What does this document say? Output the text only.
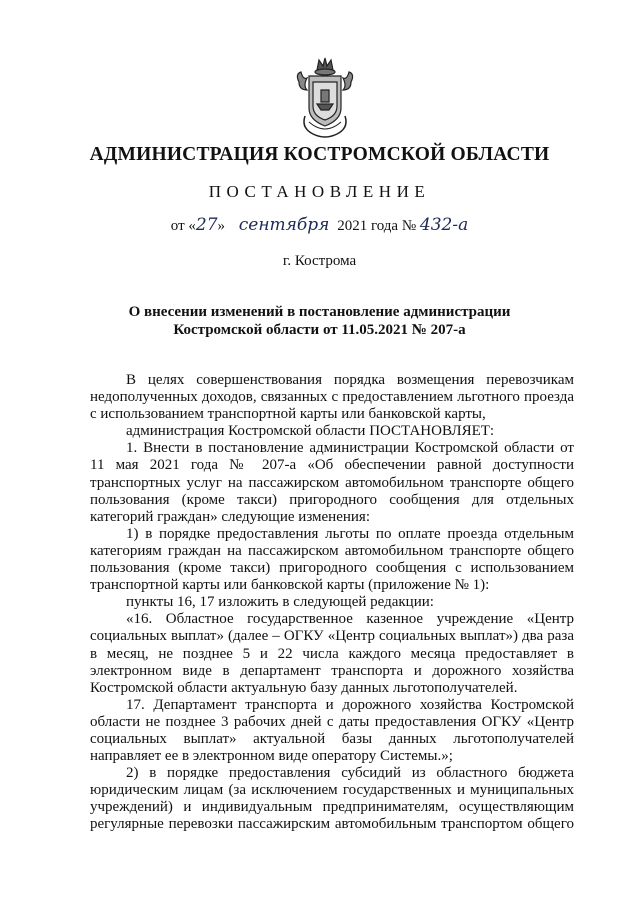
АДМИНИСТРАЦИЯ КОСТРОМСКОЙ ОБЛАСТИ
ПОСТАНОВЛЕНИЕ
от «27» сентября 2021 года № 432-а
г. Кострома
О внесении изменений в постановление администрации
Костромской области от 11.05.2021 № 207-а

В целях совершенствования порядка возмещения перевозчикам недополученных доходов, связанных с предоставлением льготного проезда с использованием транспортной карты или банковской карты,

администрация Костромской области ПОСТАНОВЛЯЕТ:

1. Внести в постановление администрации Костромской области от 11 мая 2021 года № 207-а «Об обеспечении равной доступности транспортных услуг на пассажирском автомобильном транспорте общего пользования (кроме такси) пригородного сообщения для отдельных категорий граждан» следующие изменения:

1) в порядке предоставления льготы по оплате проезда отдельным категориям граждан на пассажирском автомобильном транспорте общего пользования (кроме такси) пригородного сообщения с использованием транспортной карты или банковской карты (приложение № 1):

пункты 16, 17 изложить в следующей редакции:

«16. Областное государственное казенное учреждение «Центр социальных выплат» (далее – ОГКУ «Центр социальных выплат») два раза в месяц, не позднее 5 и 22 числа каждого месяца предоставляет в электронном виде в департамент транспорта и дорожного хозяйства Костромской области актуальную базу данных льготополучателей.

17. Департамент транспорта и дорожного хозяйства Костромской области не позднее 3 рабочих дней с даты предоставления ОГКУ «Центр социальных выплат» актуальной базы данных льготополучателей направляет ее в электронном виде оператору Системы.»;

2) в порядке предоставления субсидий из областного бюджета юридическим лицам (за исключением государственных и муниципальных учреждений) и индивидуальным предпринимателям, осуществляющим регулярные перевозки пассажирским автомобильным транспортом общего
